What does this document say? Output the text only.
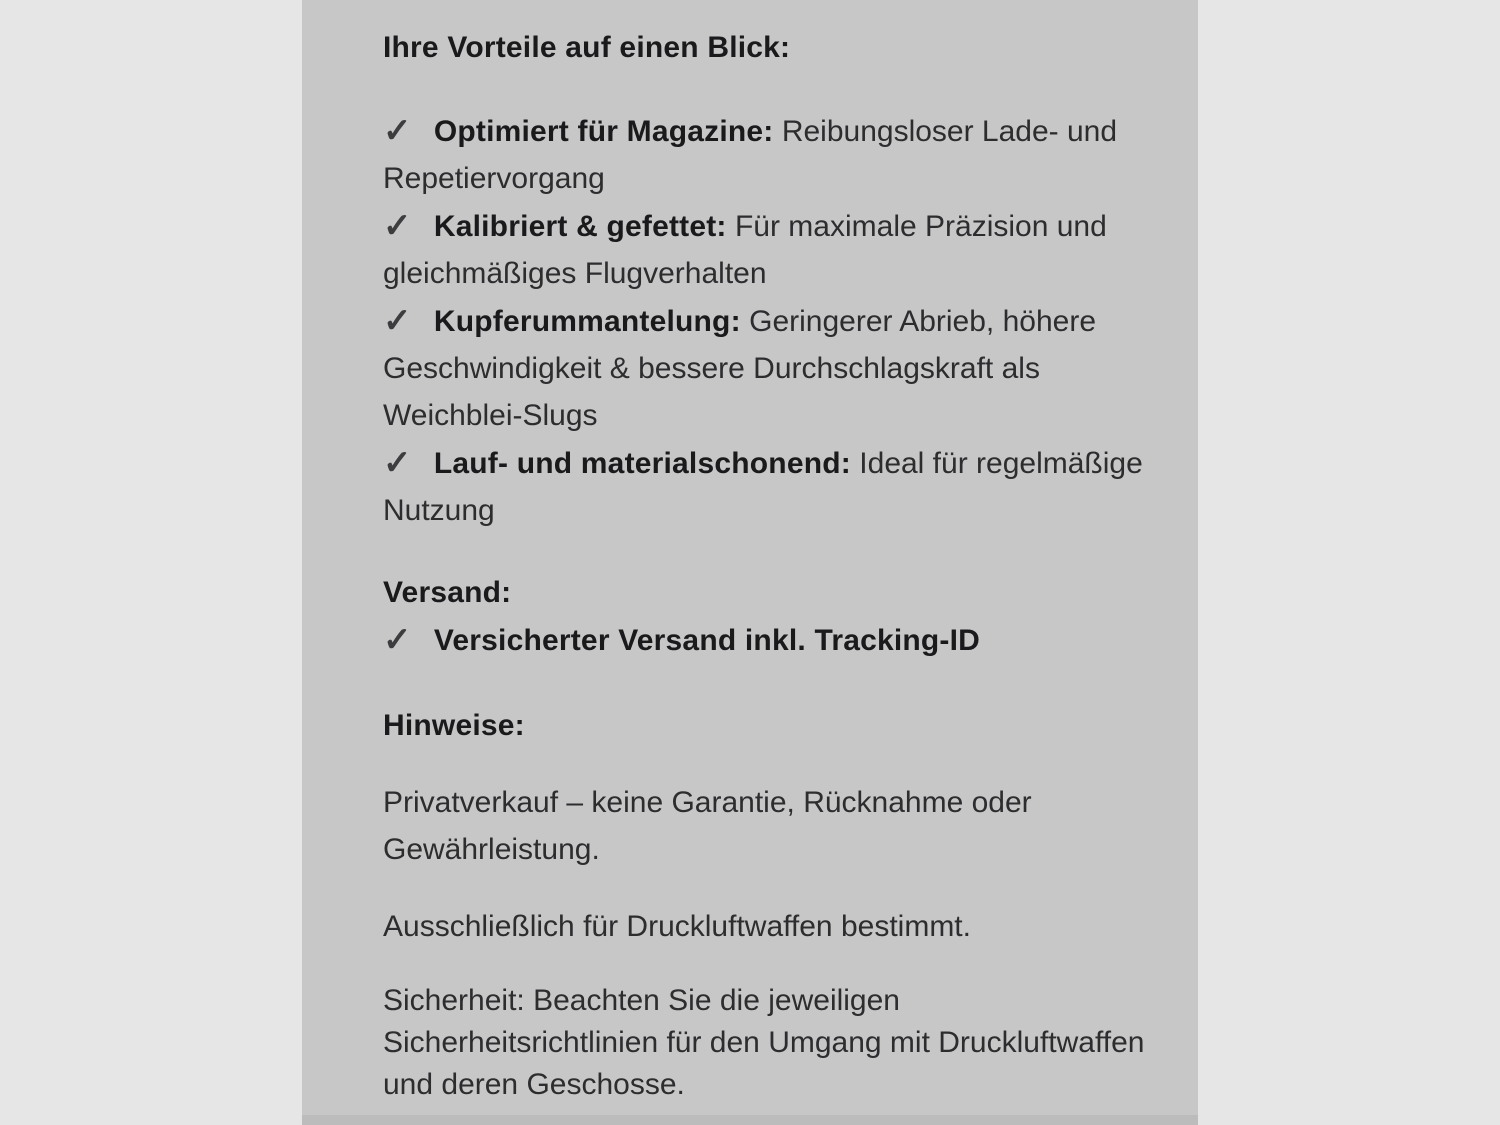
Ihre Vorteile auf einen Blick:
✓ Optimiert für Magazine: Reibungsloser Lade- und Repetiervorgang
✓ Kalibriert & gefettet: Für maximale Präzision und gleichmäßiges Flugverhalten
✓ Kupferummantelung: Geringerer Abrieb, höhere Geschwindigkeit & bessere Durchschlagskraft als Weichblei-Slugs
✓ Lauf- und materialschonend: Ideal für regelmäßige Nutzung
Versand:
✓ Versicherter Versand inkl. Tracking-ID
Hinweise:

Privatverkauf – keine Garantie, Rücknahme oder Gewährleistung.

Ausschließlich für Druckluftwaffen bestimmt.

Sicherheit: Beachten Sie die jeweiligen Sicherheitsrichtlinien für den Umgang mit Druckluftwaffen und deren Geschosse.
